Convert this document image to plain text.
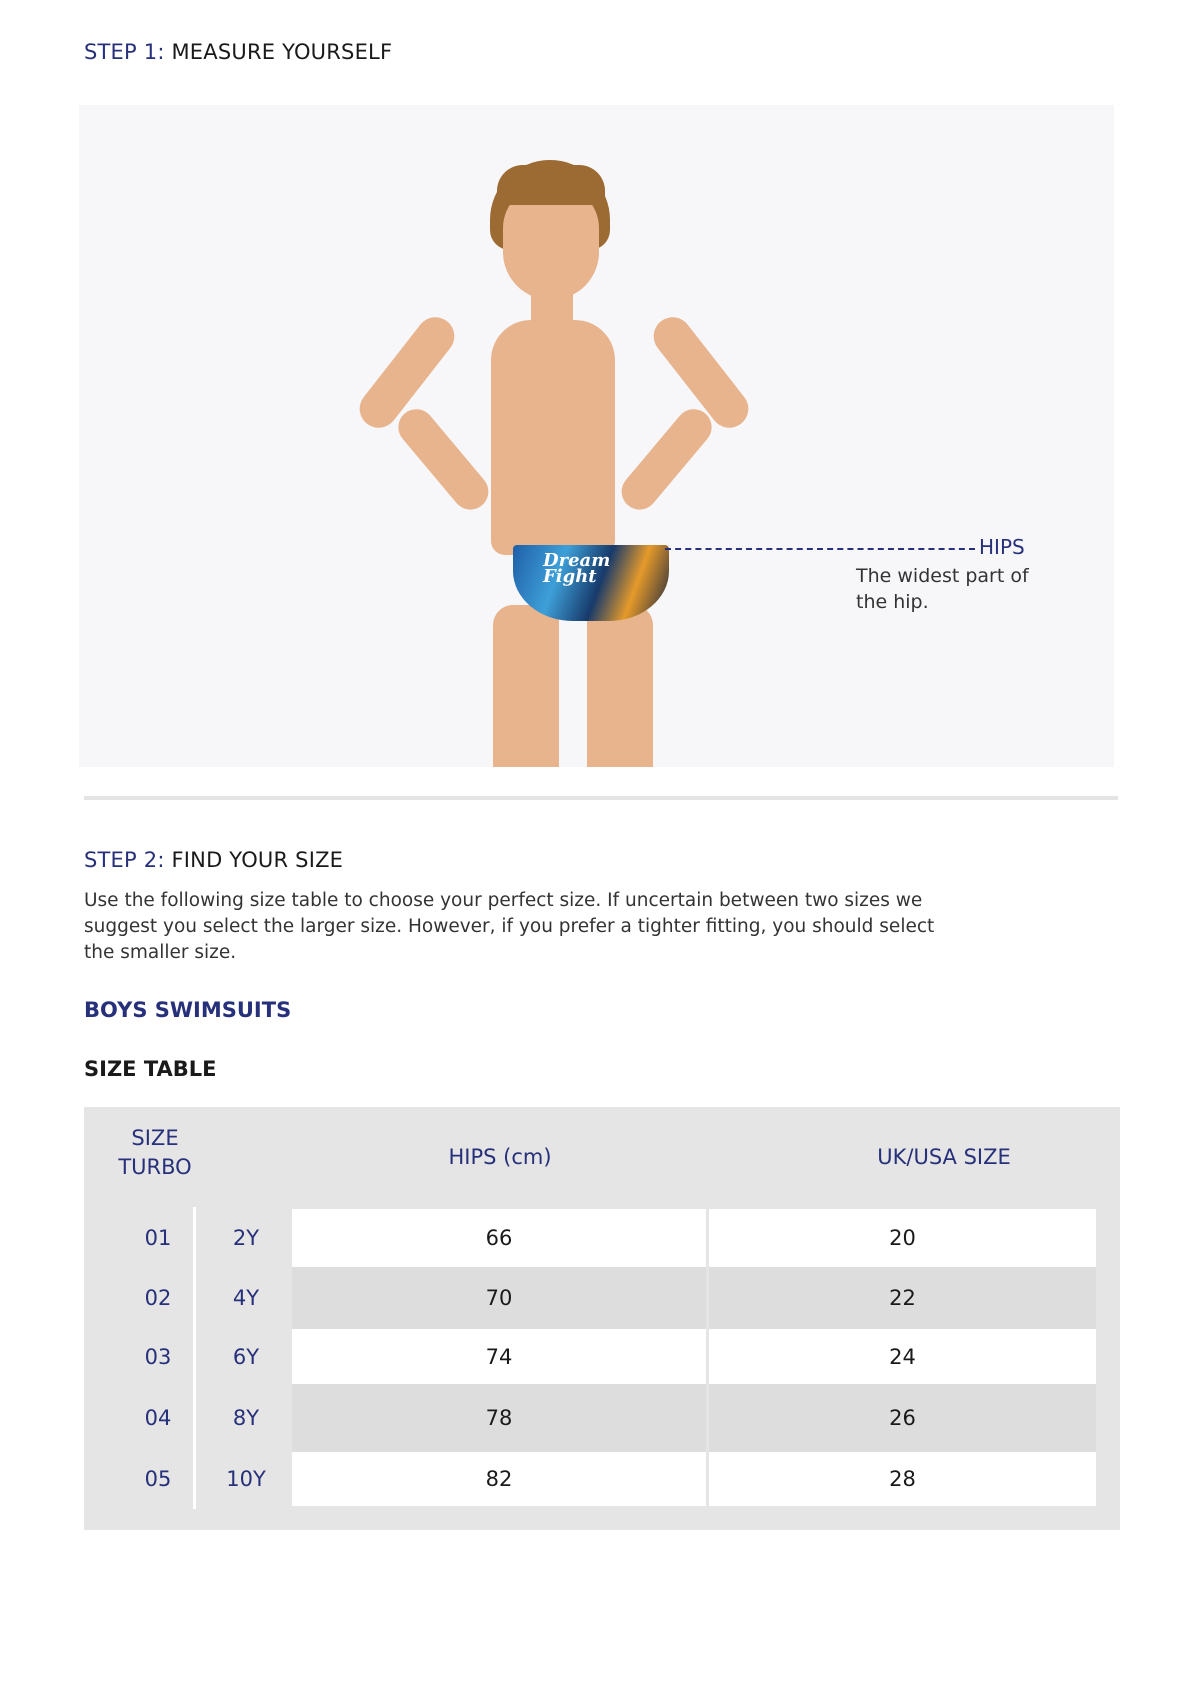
STEP 1: MEASURE YOURSELF
Dream Fight

HIPS

The widest part of the hip.

STEP 2: FIND YOUR SIZE

Use the following size table to choose your perfect size. If uncertain between two sizes we suggest you select the larger size. However, if you prefer a tighter fitting, you should select the smaller size.

BOYS SWIMSUITS
SIZE TABLE
SIZE
TURBO	HIPS (cm)	UK/USA SIZE
01	2Y	66	20
02	4Y	70	22
03	6Y	74	24
04	8Y	78	26
05	10Y	82	28
